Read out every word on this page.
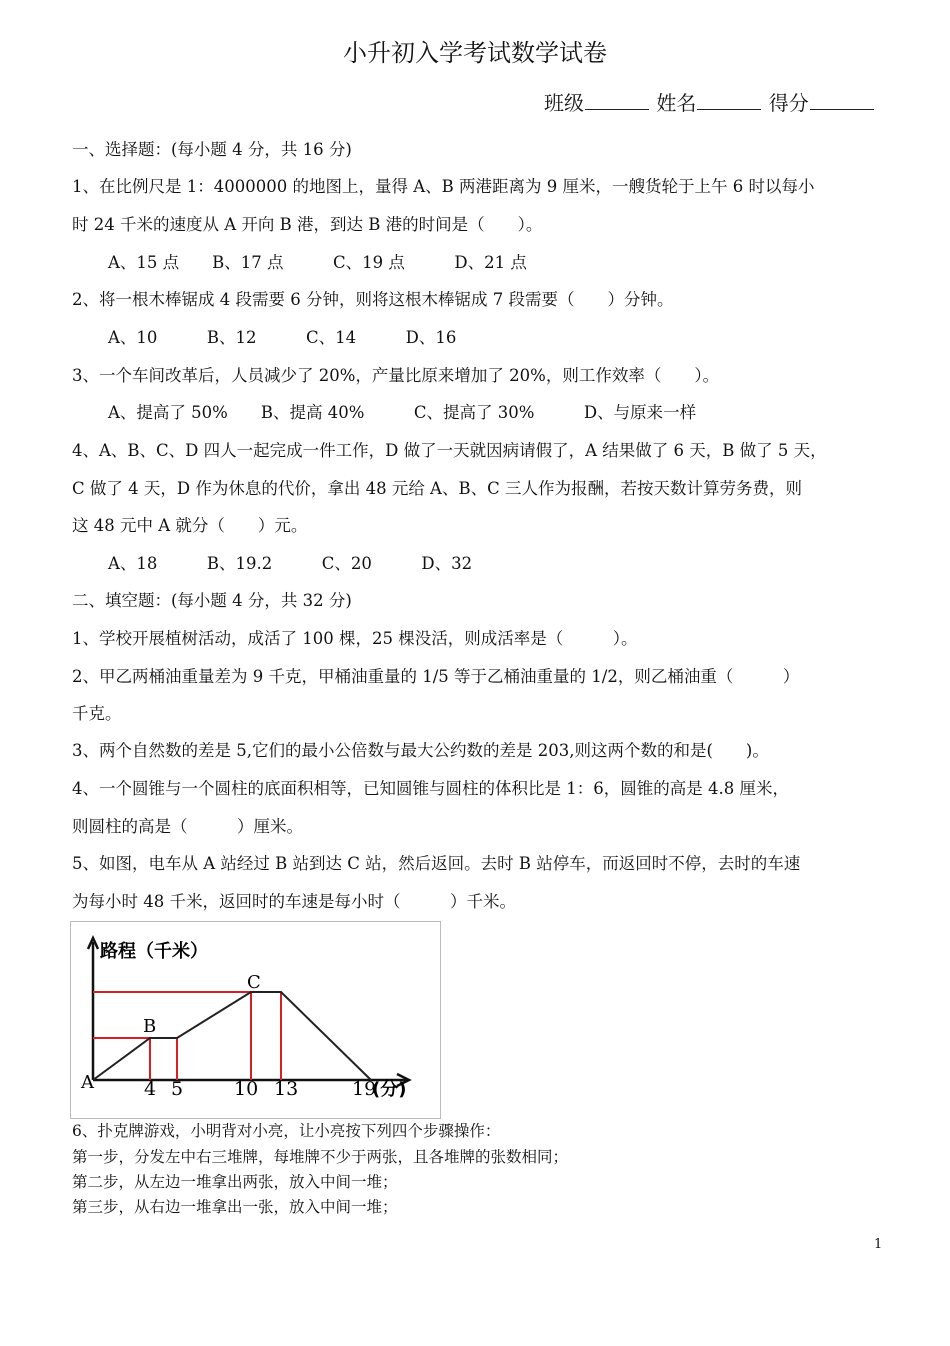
小升初入学考试数学试卷
班级	姓名	得分
一、选择题：(每小题 4 分，共 16 分)
1、在比例尺是 1：4000000 的地图上，量得 A、B 两港距离为 9 厘米，一艘货轮于上午 6 时以每小
时 24 千米的速度从 A 开向 B 港，到达 B 港的时间是（　　）。
A、15 点　　B、17 点　　　C、19 点　　　D、21 点
2、将一根木棒锯成 4 段需要 6 分钟，则将这根木棒锯成 7 段需要（　　）分钟。
A、10　　　B、12　　　C、14　　　D、16
3、一个车间改革后，人员减少了 20%，产量比原来增加了 20%，则工作效率（　　）。
A、提高了 50%　　B、提高 40%　　　C、提高了 30%　　　D、与原来一样
4、A、B、C、D 四人一起完成一件工作，D 做了一天就因病请假了，A 结果做了 6 天，B 做了 5 天，
C 做了 4 天，D 作为休息的代价，拿出 48 元给 A、B、C 三人作为报酬，若按天数计算劳务费，则
这 48 元中 A 就分（　　）元。
A、18　　　B、19.2　　　C、20　　　D、32
二、填空题：(每小题 4 分，共 32 分)
1、学校开展植树活动，成活了 100 棵，25 棵没活，则成活率是（　　　）。
2、甲乙两桶油重量差为 9 千克，甲桶油重量的 1/5 等于乙桶油重量的 1/2，则乙桶油重（　　　）
千克。
3、两个自然数的差是 5,它们的最小公倍数与最大公约数的差是 203,则这两个数的和是(　　)。
4、一个圆锥与一个圆柱的底面积相等，已知圆锥与圆柱的体积比是 1：6，圆锥的高是 4.8 厘米，
则圆柱的高是（　　　）厘米。
5、如图，电车从 A 站经过 B 站到达 C 站，然后返回。去时 B 站停车，而返回时不停，去时的车速
为每小时 48 千米，返回时的车速是每小时（　　　）千米。
路程（千米）
A
B
C
4 5	10 13	19
(分)
6、扑克牌游戏，小明背对小亮，让小亮按下列四个步骤操作：
第一步，分发左中右三堆牌，每堆牌不少于两张，且各堆牌的张数相同；
第二步，从左边一堆拿出两张，放入中间一堆；
第三步，从右边一堆拿出一张，放入中间一堆；
1
